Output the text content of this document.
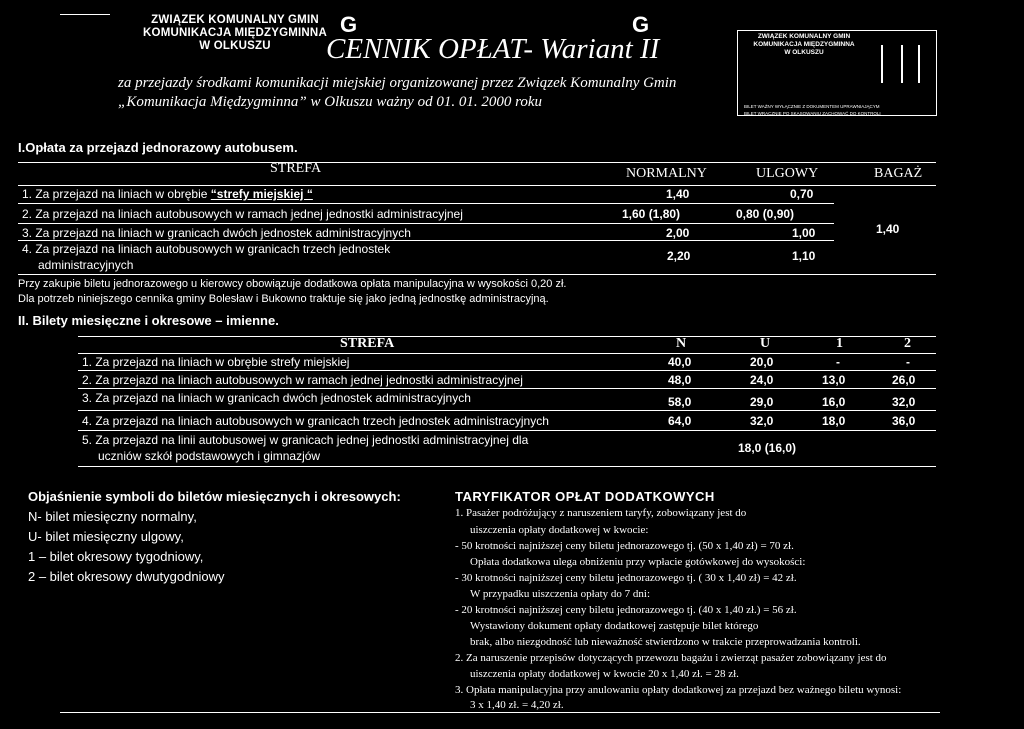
ZWIĄZEK KOMUNALNY GMIN
KOMUNIKACJA MIĘDZYGMINNA
W OLKUSZU
G	G
CENNIK OPŁAT- Wariant II
za przejazdy środkami komunikacji miejskiej organizowanej przez Związek Komunalny Gmin
„Komunikacja Międzygminna” w Olkuszu ważny od 01. 01. 2000 roku
ZWIĄZEK KOMUNALNY GMIN
KOMUNIKACJA MIĘDZYGMINNA
W OLKUSZU
BILET WAŻNY WYŁĄCZNIE Z DOKUMENTEM UPRAWNIAJĄCYM
BILET WRĄCZNIE PO SKASOWANIU ZACHOWAĆ DO KONTROLI
I.Opłata za przejazd jednorazowy autobusem.
STREFA	NORMALNY	ULGOWY	BAGAŻ
1. Za przejazd na liniach w obrębie “strefy miejskiej “	1,40	0,70
2. Za przejazd na liniach autobusowych w ramach jednej jednostki administracyjnej	1,60 (1,80)	0,80 (0,90)
3. Za przejazd na liniach w granicach dwóch jednostek administracyjnych	2,00	1,00	1,40
4. Za przejazd na liniach autobusowych w granicach trzech jednostek
administracyjnych
2,20	1,10
Przy zakupie biletu jednorazowego u kierowcy obowiązuje dodatkowa opłata manipulacyjna w wysokości 0,20 zł.
Dla potrzeb niniejszego cennika gminy Bolesław i Bukowno traktuje się jako jedną jednostkę administracyjną.
II. Bilety miesięczne i okresowe – imienne.
STREFA	N	U	1	2
1. Za przejazd na liniach w obrębie strefy miejskiej	40,0	20,0	-	-
2. Za przejazd na liniach autobusowych w ramach jednej jednostki administracyjnej	48,0	24,0	13,0	26,0
3. Za przejazd na liniach w granicach dwóch jednostek administracyjnych	58,0	29,0	16,0	32,0
4. Za przejazd na liniach autobusowych w granicach trzech jednostek administracyjnych	64,0	32,0	18,0	36,0
5. Za przejazd na linii autobusowej w granicach jednej jednostki administracyjnej dla
uczniów szkół podstawowych i gimnazjów
18,0 (16,0)
Objaśnienie symboli do biletów miesięcznych i okresowych:
N- bilet miesięczny normalny,
U- bilet miesięczny ulgowy,
1 – bilet okresowy tygodniowy,
2 – bilet okresowy dwutygodniowy
TARYFIKATOR OPŁAT DODATKOWYCH
1. Pasażer podróżujący z naruszeniem taryfy, zobowiązany jest do
uiszczenia opłaty dodatkowej w kwocie:
- 50 krotności najniższej ceny biletu jednorazowego tj. (50 x 1,40 zł) = 70 zł.
Opłata dodatkowa ulega obniżeniu przy wpłacie gotówkowej do wysokości:
- 30 krotności najniższej ceny biletu jednorazowego tj. ( 30 x 1,40 zł) = 42 zł.
W przypadku uiszczenia opłaty do 7 dni:
- 20 krotności najniższej ceny biletu jednorazowego tj. (40 x 1,40 zł.) = 56 zł.
Wystawiony dokument opłaty dodatkowej zastępuje bilet którego
brak, albo niezgodność lub nieważność stwierdzono w trakcie przeprowadzania kontroli.
2. Za naruszenie przepisów dotyczących przewozu bagażu i zwierząt pasażer zobowiązany jest do
uiszczenia opłaty dodatkowej w kwocie 20 x 1,40 zł. = 28 zł.
3. Opłata manipulacyjna przy anulowaniu opłaty dodatkowej za przejazd bez ważnego biletu wynosi:
3 x 1,40 zł. = 4,20 zł.
